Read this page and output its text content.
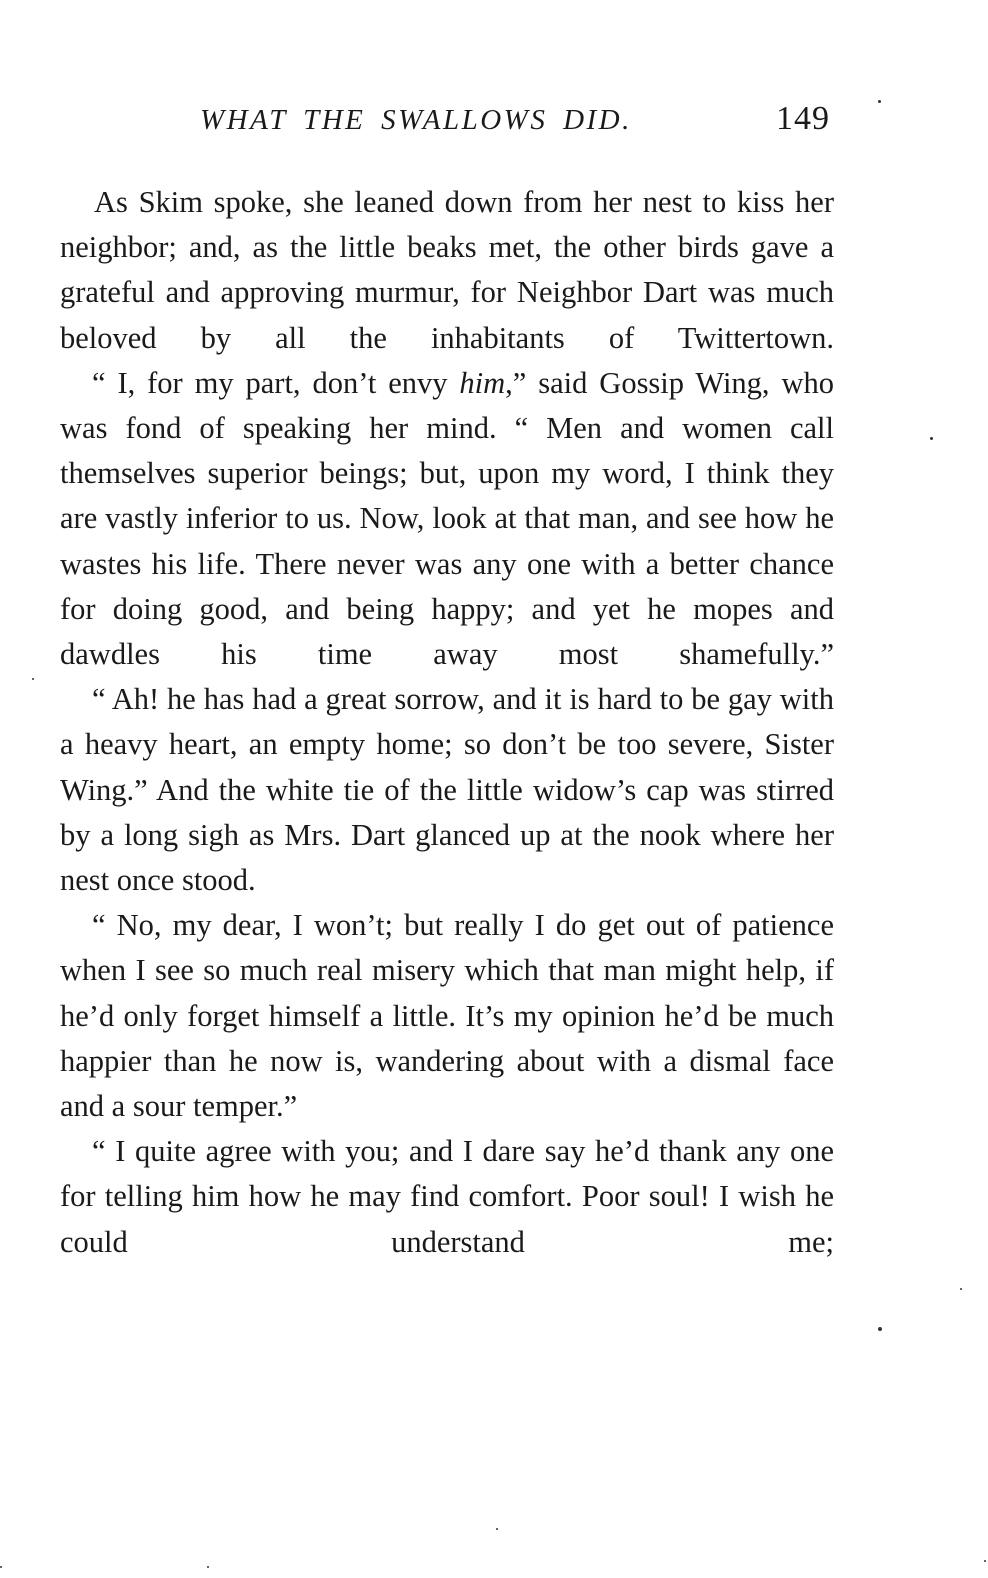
WHAT THE SWALLOWS DID.	149

As Skim spoke, she leaned down from her nest to kiss her neighbor; and, as the little beaks met, the other birds gave a grateful and approving murmur, for Neighbor Dart was much beloved by all the inhabitants of Twittertown.

“ I, for my part, don’t envy him,” said Gossip Wing, who was fond of speaking her mind. “ Men and women call themselves superior beings; but, upon my word, I think they are vastly inferior to us. Now, look at that man, and see how he wastes his life. There never was any one with a better chance for doing good, and being happy; and yet he mopes and dawdles his time away most shamefully.”

“ Ah! he has had a great sorrow, and it is hard to be gay with a heavy heart, an empty home; so don’t be too severe, Sister Wing.” And the white tie of the little widow’s cap was stirred by a long sigh as Mrs. Dart glanced up at the nook where her nest once stood.

“ No, my dear, I won’t; but really I do get out of patience when I see so much real misery which that man might help, if he’d only forget himself a little. It’s my opinion he’d be much happier than he now is, wandering about with a dismal face and a sour temper.”

“ I quite agree with you; and I dare say he’d thank any one for telling him how he may find comfort. Poor soul! I wish he could understand me;
